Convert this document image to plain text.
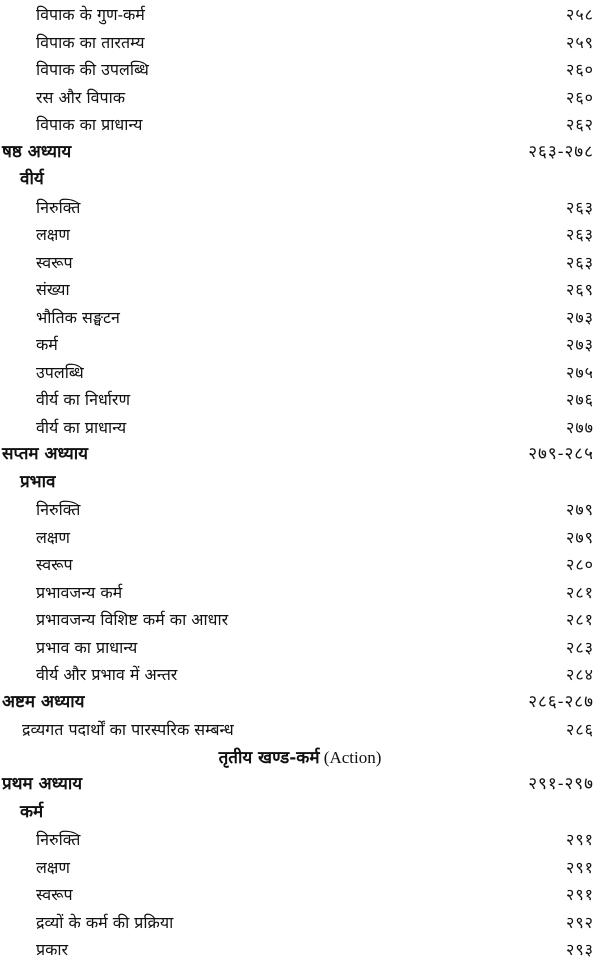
विपाक के गुण-कर्म	२५८
विपाक का तारतम्य	२५९
विपाक की उपलब्धि	२६०
रस और विपाक	२६०
विपाक का प्राधान्य	२६२
षष्ठ अध्याय	२६३-२७८
वीर्य
निरुक्ति	२६३
लक्षण	२६३
स्वरूप	२६३
संख्या	२६९
भौतिक सङ्घटन	२७३
कर्म	२७३
उपलब्धि	२७५
वीर्य का निर्धारण	२७६
वीर्य का प्राधान्य	२७७
सप्तम अध्याय	२७९-२८५
प्रभाव
निरुक्ति	२७९
लक्षण	२७९
स्वरूप	२८०
प्रभावजन्य कर्म	२८१
प्रभावजन्य विशिष्ट कर्म का आधार	२८१
प्रभाव का प्राधान्य	२८३
वीर्य और प्रभाव में अन्तर	२८४
अष्टम अध्याय	२८६-२८७
द्रव्यगत पदार्थों का पारस्परिक सम्बन्ध	२८६
तृतीय खण्ड-कर्म (Action)
प्रथम अध्याय	२९१-२९७
कर्म
निरुक्ति	२९१
लक्षण	२९१
स्वरूप	२९१
द्रव्यों के कर्म की प्रक्रिया	२९२
प्रकार	२९३
